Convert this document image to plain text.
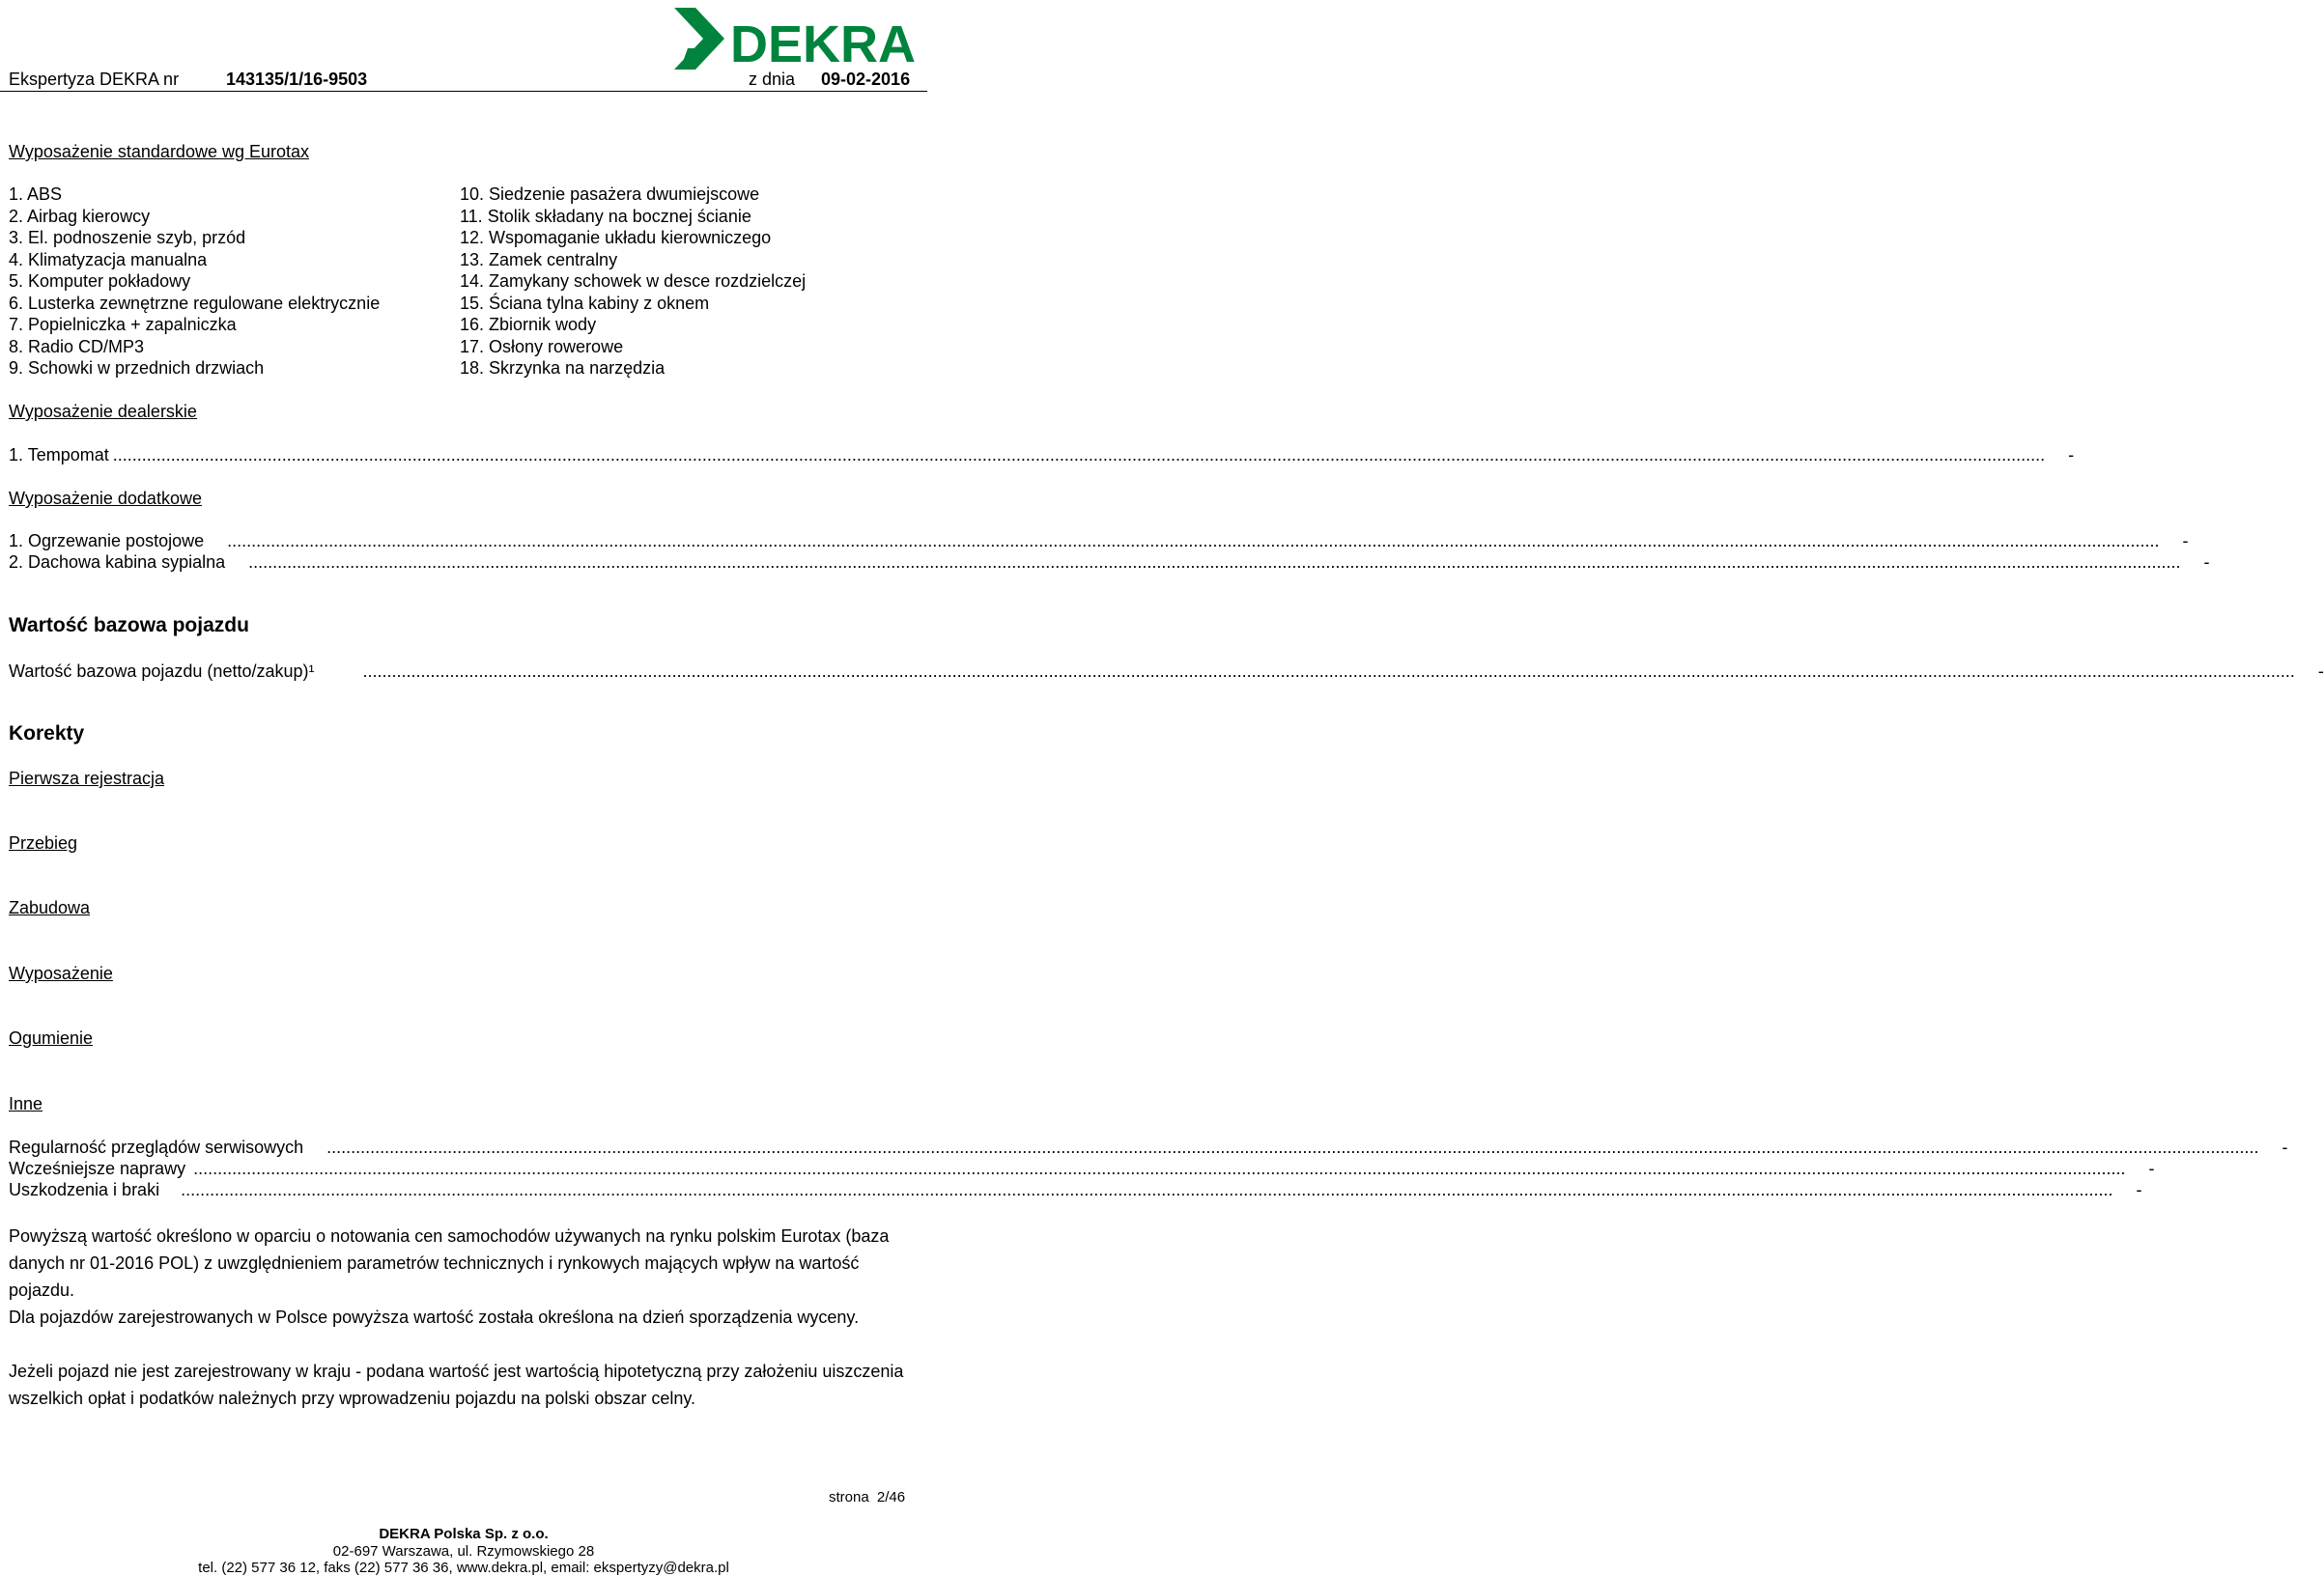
DEKRA
Ekspertyza DEKRA nr	143135/1/16-9503	z dnia 09-02-2016
Wyposażenie standardowe wg Eurotax
1. ABS
2. Airbag kierowcy
3. El. podnoszenie szyb, przód
4. Klimatyzacja manualna
5. Komputer pokładowy
6. Lusterka zewnętrzne regulowane elektrycznie
7. Popielniczka + zapalniczka
8. Radio CD/MP3
9. Schowki w przednich drzwiach
10. Siedzenie pasażera dwumiejscowe
11. Stolik składany na bocznej ścianie
12. Wspomaganie układu kierowniczego
13. Zamek centralny
14. Zamykany schowek w desce rozdzielczej
15. Ściana tylna kabiny z oknem
16. Zbiornik wody
17. Osłony rowerowe
18. Skrzynka na narzędzia
Wyposażenie dealerskie
1. Tempomat ................................................................................................................................................................................................................................................................................................................................................................................................................	-
Wyposażenie dodatkowe
1. Ogrzewanie postojowe	................................................................................................................................................................................................................................................................................................................................................................................................................	-
2. Dachowa kabina sypialna	................................................................................................................................................................................................................................................................................................................................................................................................................	-
Wartość bazowa pojazdu
Wartość bazowa pojazdu (netto/zakup)¹	................................................................................................................................................................................................................................................................................................................................................................................................................	-
Korekty
Pierwsza rejestracja
Przebieg
Zabudowa
Wyposażenie
Ogumienie
Inne
Regularność przeglądów serwisowych	................................................................................................................................................................................................................................................................................................................................................................................................................	-
Wcześniejsze naprawy ................................................................................................................................................................................................................................................................................................................................................................................................................	-
Uszkodzenia i braki	................................................................................................................................................................................................................................................................................................................................................................................................................	-
Powyższą wartość określono w oparciu o notowania cen samochodów używanych na rynku polskim Eurotax (baza danych nr 01-2016 POL) z uwzględnieniem parametrów technicznych i rynkowych mających wpływ na wartość pojazdu.
Dla pojazdów zarejestrowanych w Polsce powyższa wartość została określona na dzień sporządzenia wyceny.
Jeżeli pojazd nie jest zarejestrowany w kraju - podana wartość jest wartością hipotetyczną przy założeniu uiszczenia wszelkich opłat i podatków należnych przy wprowadzeniu pojazdu na polski obszar celny.
strona 2/46
DEKRA Polska Sp. z o.o.
02-697 Warszawa, ul. Rzymowskiego 28
tel. (22) 577 36 12, faks (22) 577 36 36, www.dekra.pl, email: ekspertyzy@dekra.pl
